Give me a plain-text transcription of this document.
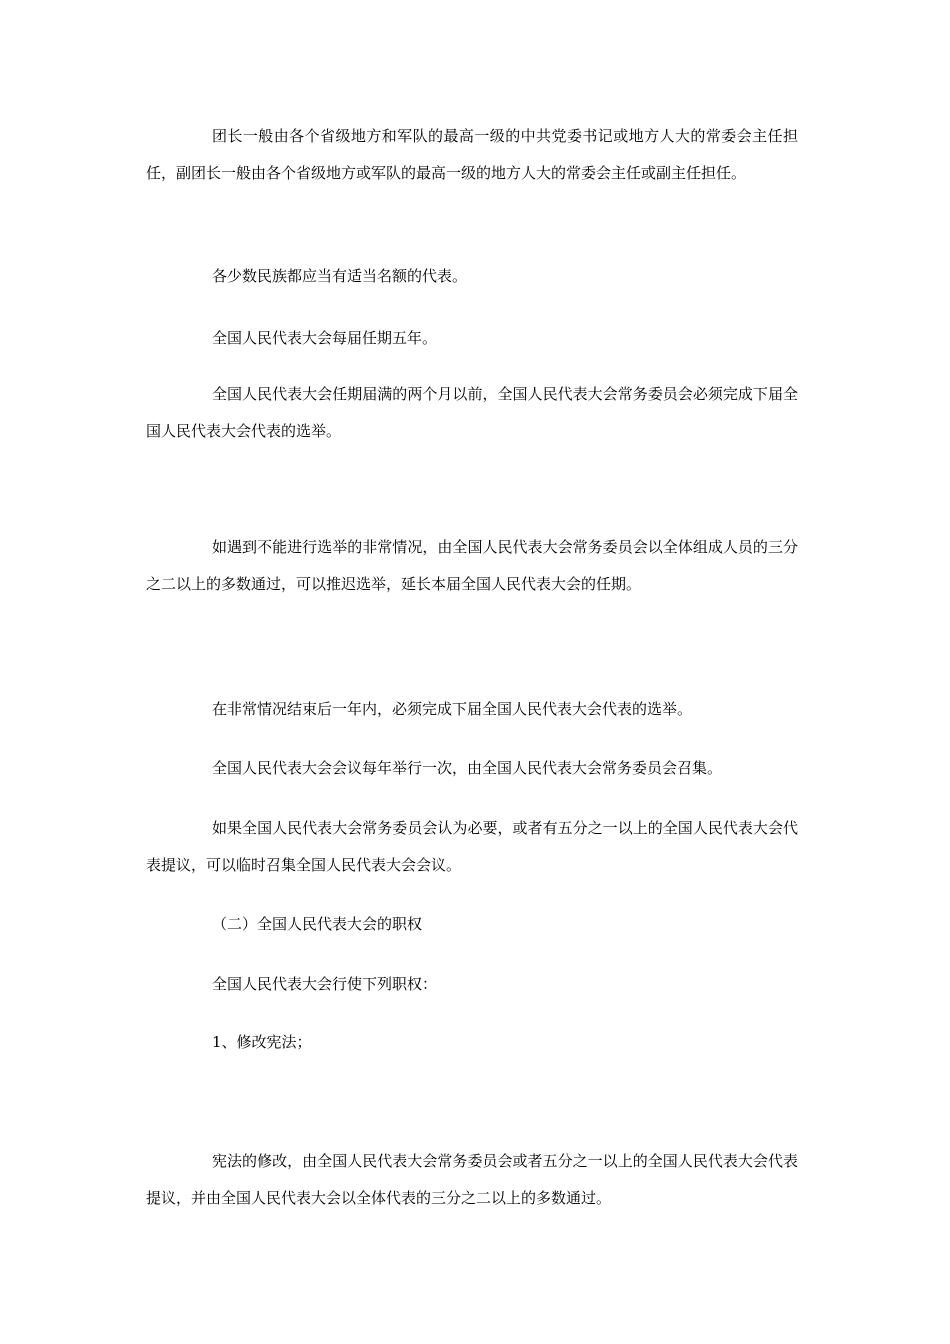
团长一般由各个省级地方和军队的最高一级的中共党委书记或地方人大的常委会主任担任，副团长一般由各个省级地方或军队的最高一级的地方人大的常委会主任或副主任担任。

各少数民族都应当有适当名额的代表。

全国人民代表大会每届任期五年。

全国人民代表大会任期届满的两个月以前，全国人民代表大会常务委员会必须完成下届全国人民代表大会代表的选举。

如遇到不能进行选举的非常情况，由全国人民代表大会常务委员会以全体组成人员的三分之二以上的多数通过，可以推迟选举，延长本届全国人民代表大会的任期。

在非常情况结束后一年内，必须完成下届全国人民代表大会代表的选举。

全国人民代表大会会议每年举行一次，由全国人民代表大会常务委员会召集。

如果全国人民代表大会常务委员会认为必要，或者有五分之一以上的全国人民代表大会代表提议，可以临时召集全国人民代表大会会议。

（二）全国人民代表大会的职权

全国人民代表大会行使下列职权：

1、修改宪法；

宪法的修改，由全国人民代表大会常务委员会或者五分之一以上的全国人民代表大会代表提议，并由全国人民代表大会以全体代表的三分之二以上的多数通过。
